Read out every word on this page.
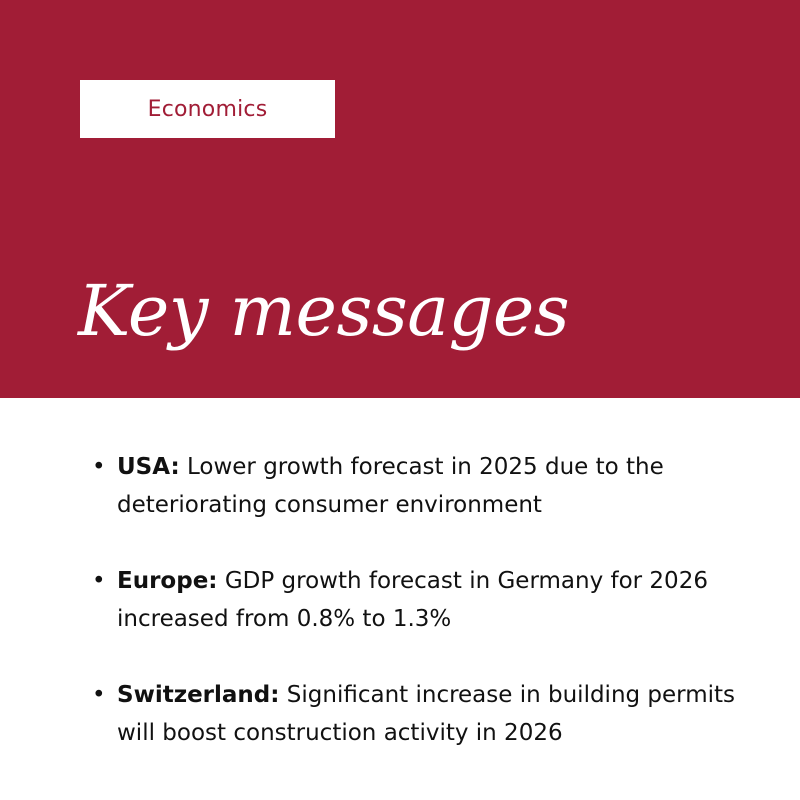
Economics
Key messages
• USA: Lower growth forecast in 2025 due to the deteriorating consumer environment
• Europe: GDP growth forecast in Germany for 2026 increased from 0.8% to 1.3%
• Switzerland: Significant increase in building permits will boost construction activity in 2026
